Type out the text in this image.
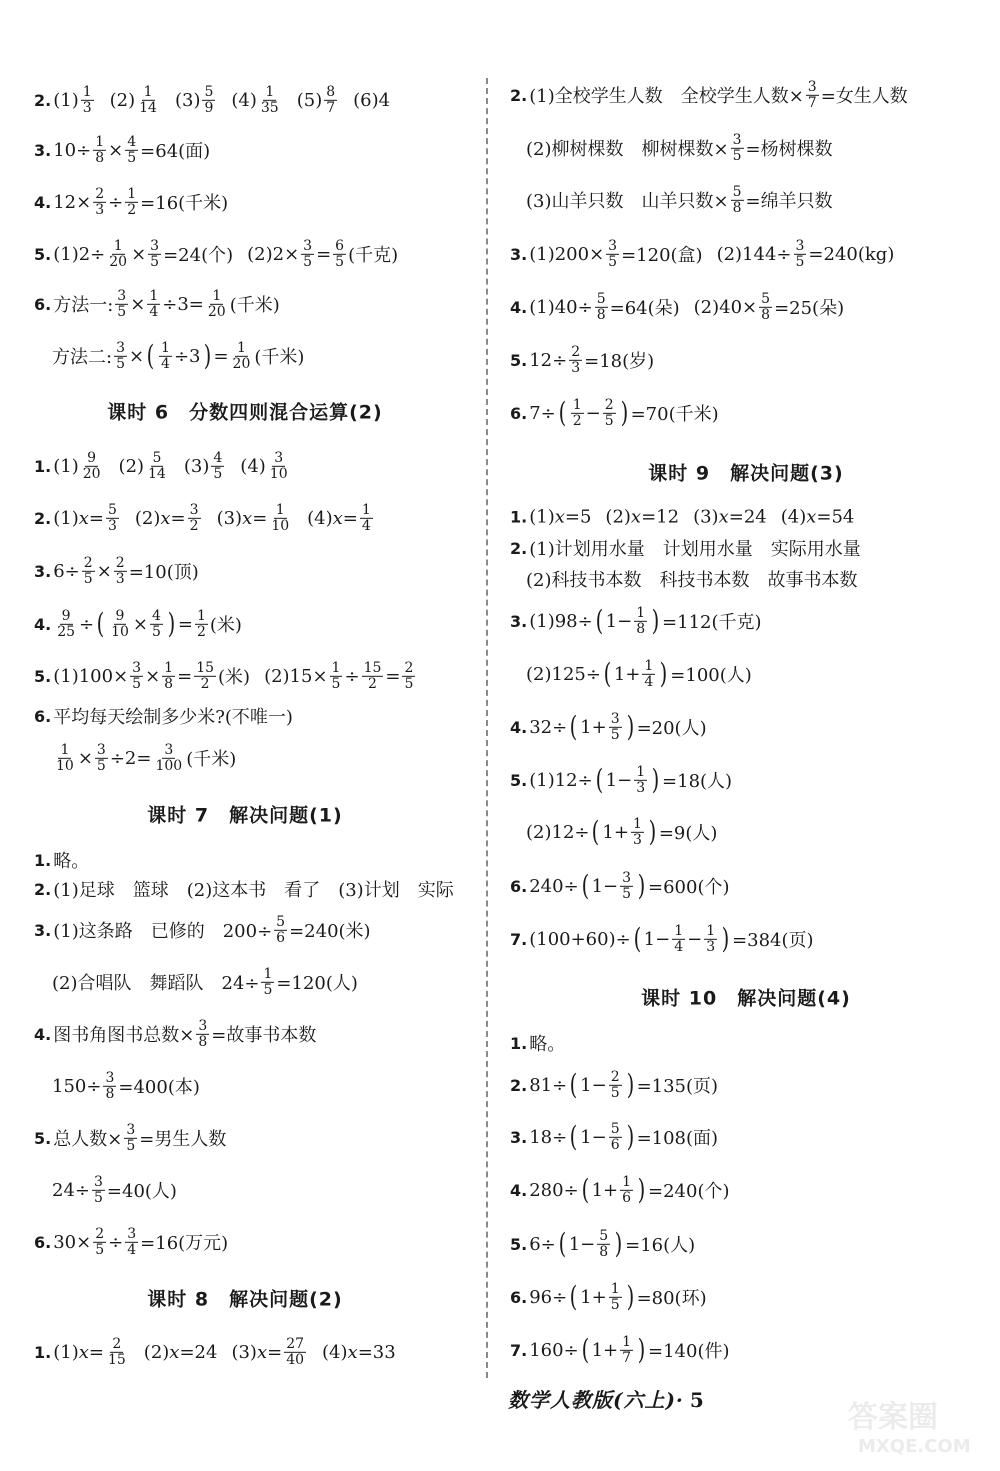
2. $(1) \frac{1}{3} (2) \frac{1}{14} (3) \frac{5}{9} (4) \frac{1}{35} (5) \frac{8}{7} (6)4$
3. $10\div \frac{1}{8} \times \frac{4}{5} =64$(面)
4. $12\times \frac{2}{3} \div \frac{1}{2} =16$(千米)
5. $(1)2\div \frac{1}{20} \times \frac{3}{5} =24$(个) $(2)2\times \frac{3}{5} = \frac{6}{5}$ (千克)
6. 方法一: $\frac{3}{5} \times \frac{1}{4} \div 3= \frac{1}{20}$ (千米)
方法二: $\frac{3}{5}$ × ( $\frac{1}{4} \div 3$ ) = $\frac{1}{20}$ (千米)
课时 6　分数四则混合运算(2)
1. $(1) \frac{9}{20} (2) \frac{5}{14} (3) \frac{4}{5} (4) \frac{3}{10}$
2. (1) $x = \frac{5}{3} (2) x = \frac{3}{2} (3) x = \frac{1}{10} (4) x = \frac{1}{4}$
3. $6\div \frac{2}{5} \times \frac{2}{3} =10$(顶)
4. $\frac{9}{25}$ ÷ ( $\frac{9}{10} \times \frac{4}{5}$ ) = $\frac{1}{2}$ (米)
5. $(1)100\times \frac{3}{5} \times \frac{1}{8} = \frac{15}{2}$ (米) $(2)15\times \frac{1}{5} \div \frac{15}{2} = \frac{2}{5}$
6. 平均每天绘制多少米?(不唯一)
$\frac{1}{10} \times \frac{3}{5} \div 2= \frac{3}{100}$ (千米)
课时 7　解决问题(1)
1. 略。
2. (1)足球　篮球　(2)这本书　看了　(3)计划　实际
3. (1)这条路　已修的　$200\div \frac{5}{6} =240$(米)
(2)合唱队　舞蹈队　$24\div \frac{1}{5} =120$(人)
4. 图书角图书总数× $\frac{3}{8}$ =故事书本数
$150\div \frac{3}{8} =400$(本)
5. 总人数× $\frac{3}{5}$ =男生人数
$24\div \frac{3}{5} =40$(人)
6. $30\times \frac{2}{5} \div \frac{3}{4} =16$(万元)
课时 8　解决问题(2)
1. (1) $x = \frac{2}{15} (2)$ x =24 (3) $x = \frac{27}{40} (4)$ x =33
2. (1)全校学生人数　全校学生人数× $\frac{3}{7}$ =女生人数
(2)柳树棵数　柳树棵数× $\frac{3}{5}$ =杨树棵数
(3)山羊只数　山羊只数× $\frac{5}{8}$ =绵羊只数
3. $(1)200\times \frac{3}{5} =120$(盒) $(2)144\div \frac{3}{5} =240(kg)$
4. $(1)40\div \frac{5}{8} =64$(朵) $(2)40\times \frac{5}{8} =25$(朵)
5. $12\div \frac{2}{3} =18$(岁)
6. 7÷ ( $\frac{1}{2} - \frac{2}{5}$ ) =70(千米)
课时 9　解决问题(3)
1. (1) x =5 (2) x =12 (3) x =24 (4) x =54
2. (1)计划用水量　计划用水量　实际用水量
(2)科技书本数　科技书本数　故事书本数
3. (1)98÷ ( $1- \frac{1}{8}$ ) =112(千克)
(2)125÷ ( $1+ \frac{1}{4}$ ) =100(人)
4. 32÷ ( $1+ \frac{3}{5}$ ) =20(人)
5. (1)12÷ ( $1- \frac{1}{3}$ ) =18(人)
(2)12÷ ( $1+ \frac{1}{3}$ ) =9(人)
6. 240÷ ( $1- \frac{3}{5}$ ) =600(个)
7. (100+60)÷ ( $1- \frac{1}{4} - \frac{1}{3}$ ) =384(页)
课时 10　解决问题(4)
1. 略。
2. 81÷ ( $1- \frac{2}{5}$ ) =135(页)
3. 18÷ ( $1- \frac{5}{6}$ ) =108(面)
4. 280÷ ( $1+ \frac{1}{6}$ ) =240(个)
5. 6÷ ( $1- \frac{5}{8}$ ) =16(人)
6. 96÷ ( $1+ \frac{1}{5}$ ) =80(环)
7. 160÷ ( $1+ \frac{1}{7}$ ) =140(件)
数学人教版(六上)· 5	答案圈
MXQE.COM
